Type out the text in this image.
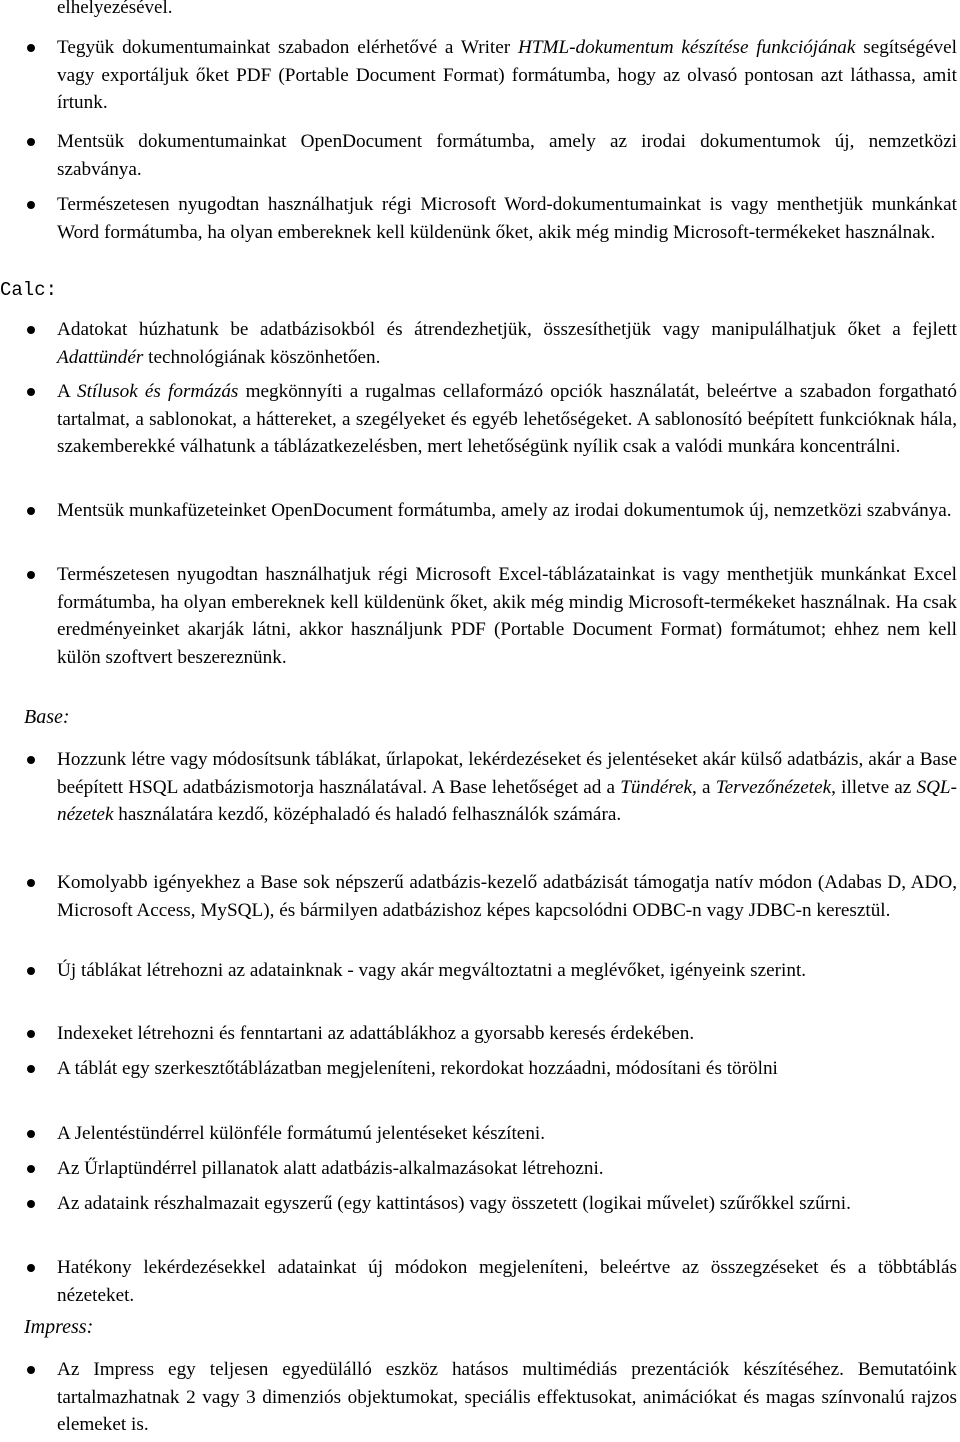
elhelyezésével.
Tegyük dokumentumainkat szabadon elérhetővé a Writer HTML-dokumentum készítése funkciójának segítségével vagy exportáljuk őket PDF (Portable Document Format) formátumba, hogy az olvasó pontosan azt láthassa, amit írtunk.
Mentsük dokumentumainkat OpenDocument formátumba, amely az irodai dokumentumok új, nemzetközi szabványa.
Természetesen nyugodtan használhatjuk régi Microsoft Word-dokumentumainkat is vagy menthetjük munkánkat Word formátumba, ha olyan embereknek kell küldenünk őket, akik még mindig Microsoft-termékeket használnak.
Calc:
Adatokat húzhatunk be adatbázisokból és átrendezhetjük, összesíthetjük vagy manipulálhatjuk őket a fejlett Adattündér technológiának köszönhetően.
A Stílusok és formázás megkönnyíti a rugalmas cellaformázó opciók használatát, beleértve a szabadon forgatható tartalmat, a sablonokat, a háttereket, a szegélyeket és egyéb lehetőségeket. A sablonosító beépített funkcióknak hála, szakemberekké válhatunk a táblázatkezelésben, mert lehetőségünk nyílik csak a valódi munkára koncentrálni.
Mentsük munkafüzeteinket OpenDocument formátumba, amely az irodai dokumentumok új, nemzetközi szabványa.
Természetesen nyugodtan használhatjuk régi Microsoft Excel-táblázatainkat is vagy menthetjük munkánkat Excel formátumba, ha olyan embereknek kell küldenünk őket, akik még mindig Microsoft-termékeket használnak. Ha csak eredményeinket akarják látni, akkor használjunk PDF (Portable Document Format) formátumot; ehhez nem kell külön szoftvert beszereznünk.
Base:
Hozzunk létre vagy módosítsunk táblákat, űrlapokat, lekérdezéseket és jelentéseket akár külső adatbázis, akár a Base beépített HSQL adatbázismotorja használatával. A Base lehetőséget ad a Tündérek, a Tervezőnézetek, illetve az SQL-nézetek használatára kezdő, középhaladó és haladó felhasználók számára.
Komolyabb igényekhez a Base sok népszerű adatbázis-kezelő adatbázisát támogatja natív módon (Adabas D, ADO, Microsoft Access, MySQL), és bármilyen adatbázishoz képes kapcsolódni ODBC-n vagy JDBC-n keresztül.
Új táblákat létrehozni az adatainknak - vagy akár megváltoztatni a meglévőket, igényeink szerint.
Indexeket létrehozni és fenntartani az adattáblákhoz a gyorsabb keresés érdekében.
A táblát egy szerkesztőtáblázatban megjeleníteni, rekordokat hozzáadni, módosítani és törölni
A Jelentéstündérrel különféle formátumú jelentéseket készíteni.
Az Űrlaptündérrel pillanatok alatt adatbázis-alkalmazásokat létrehozni.
Az adataink részhalmazait egyszerű (egy kattintásos) vagy összetett (logikai művelet) szűrőkkel szűrni.
Hatékony lekérdezésekkel adatainkat új módokon megjeleníteni, beleértve az összegzéseket és a többtáblás nézeteket.
Impress:
Az Impress egy teljesen egyedülálló eszköz hatásos multimédiás prezentációk készítéséhez. Bemutatóink tartalmazhatnak 2 vagy 3 dimenziós objektumokat, speciális effektusokat, animációkat és magas színvonalú rajzos elemeket is.
